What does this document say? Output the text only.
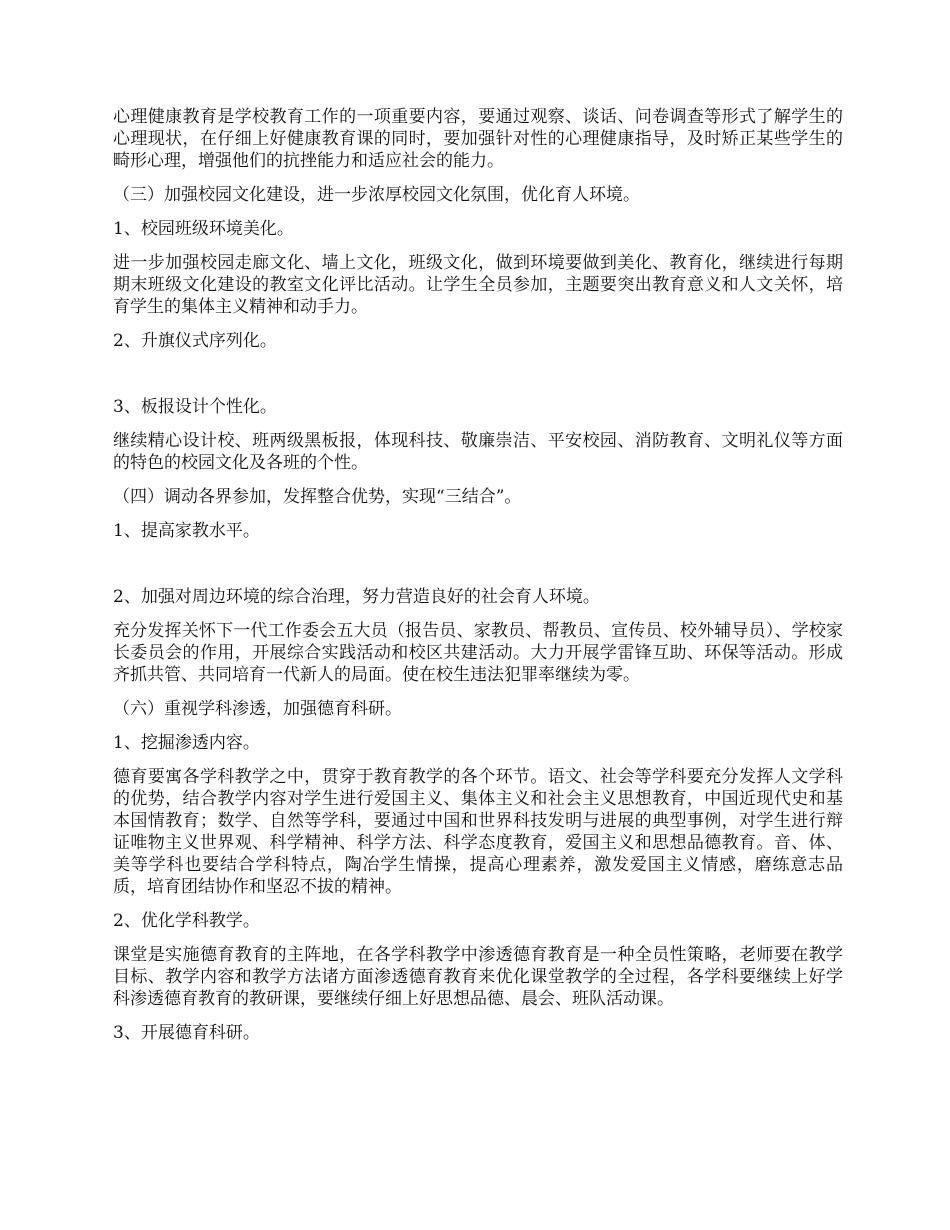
心理健康教育是学校教育工作的一项重要内容，要通过观察、谈话、问卷调查等形式了解学生的心理现状，在仔细上好健康教育课的同时，要加强针对性的心理健康指导，及时矫正某些学生的畸形心理，增强他们的抗挫能力和适应社会的能力。

（三）加强校园文化建设，进一步浓厚校园文化氛围，优化育人环境。

1、校园班级环境美化。

进一步加强校园走廊文化、墙上文化，班级文化，做到环境要做到美化、教育化，继续进行每期期末班级文化建设的教室文化评比活动。让学生全员参加，主题要突出教育意义和人文关怀，培育学生的集体主义精神和动手力。

2、升旗仪式序列化。

3、板报设计个性化。

继续精心设计校、班两级黑板报，体现科技、敬廉崇洁、平安校园、消防教育、文明礼仪等方面的特色的校园文化及各班的个性。

（四）调动各界参加，发挥整合优势，实现“三结合”。

1、提高家教水平。

2、加强对周边环境的综合治理，努力营造良好的社会育人环境。

充分发挥关怀下一代工作委会五大员（报告员、家教员、帮教员、宣传员、校外辅导员）、学校家长委员会的作用，开展综合实践活动和校区共建活动。大力开展学雷锋互助、环保等活动。形成齐抓共管、共同培育一代新人的局面。使在校生违法犯罪率继续为零。

（六）重视学科渗透，加强德育科研。

1、挖掘渗透内容。

德育要寓各学科教学之中，贯穿于教育教学的各个环节。语文、社会等学科要充分发挥人文学科的优势，结合教学内容对学生进行爱国主义、集体主义和社会主义思想教育，中国近现代史和基本国情教育；数学、自然等学科，要通过中国和世界科技发明与进展的典型事例，对学生进行辩证唯物主义世界观、科学精神、科学方法、科学态度教育，爱国主义和思想品德教育。音、体、美等学科也要结合学科特点，陶冶学生情操，提高心理素养，激发爱国主义情感，磨练意志品质，培育团结协作和坚忍不拔的精神。

2、优化学科教学。

课堂是实施德育教育的主阵地，在各学科教学中渗透德育教育是一种全员性策略，老师要在教学目标、教学内容和教学方法诸方面渗透德育教育来优化课堂教学的全过程，各学科要继续上好学科渗透德育教育的教研课，要继续仔细上好思想品德、晨会、班队活动课。

3、开展德育科研。
